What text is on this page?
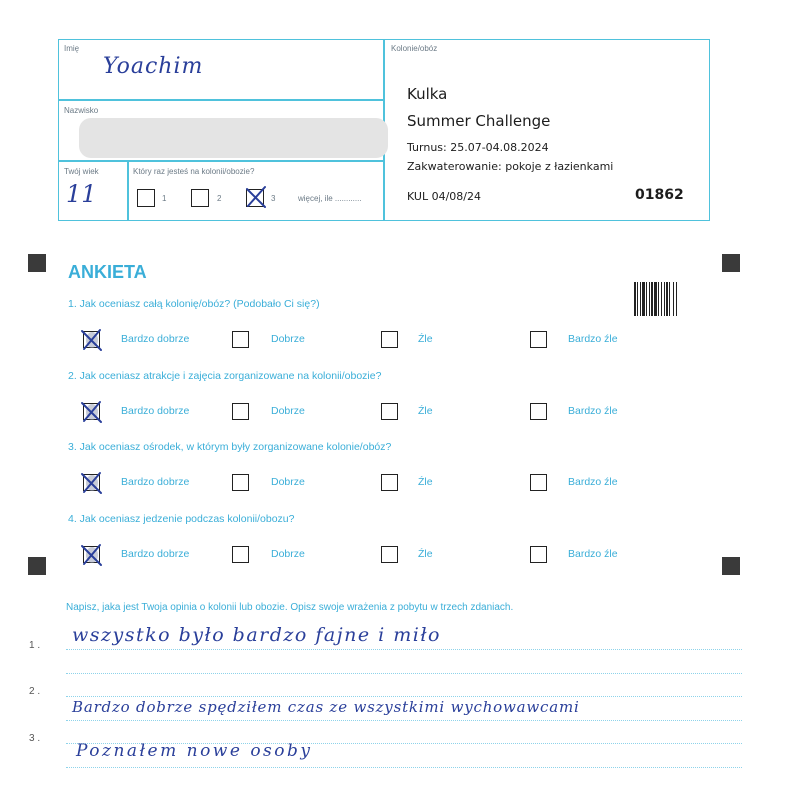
Imię
Yoachim
Nazwisko
Twój wiek
11
Który raz jesteś na kolonii/obozie?
1	2	3	więcej, ile ............
Kolonie/obóz
Kulka
Summer Challenge
Turnus: 25.07-04.08.2024
Zakwaterowanie: pokoje z łazienkami
KUL 04/08/24	01862
ANKIETA
1. Jak oceniasz całą kolonię/obóz? (Podobało Ci się?)
Bardzo dobrze	Dobrze	Źle	Bardzo źle
2. Jak oceniasz atrakcje i zajęcia zorganizowane na kolonii/obozie?
Bardzo dobrze	Dobrze	Źle	Bardzo źle
3. Jak oceniasz ośrodek, w którym były zorganizowane kolonie/obóz?
Bardzo dobrze	Dobrze	Źle	Bardzo źle
4. Jak oceniasz jedzenie podczas kolonii/obozu?
Bardzo dobrze	Dobrze	Źle	Bardzo źle
Napisz, jaka jest Twoja opinia o kolonii lub obozie. Opisz swoje wrażenia z pobytu w trzech zdaniach.
1 .
2 .
3 .
wszystko było bardzo fajne i miło
Bardzo dobrze spędziłem czas ze wszystkimi wychowawcami
Poznałem nowe osoby
